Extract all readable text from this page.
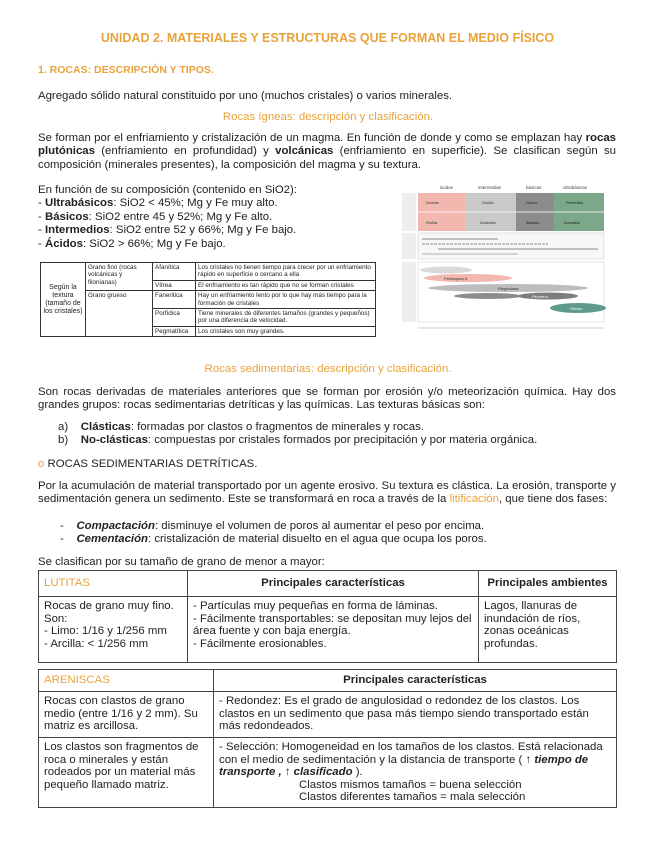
UNIDAD 2. MATERIALES Y ESTRUCTURAS QUE FORMAN EL MEDIO FÍSICO
1. ROCAS: DESCRIPCIÓN Y TIPOS.

Agregado sólido natural constituido por uno (muchos cristales) o varios minerales.

Rocas ígneas: descripción y clasificación.

Se forman por el enfriamiento y cristalización de un magma. En función de donde y como se emplazan hay rocas plutónicas (enfriamiento en profundidad) y volcánicas (enfriamiento en superficie). Se clasifican según su composición (minerales presentes), la composición del magma y su textura.

En función de su composición (contenido en SiO2):

- Ultrabásicos: SiO2 < 45%; Mg y Fe muy alto.

- Básicos: SiO2 entre 45 y 52%; Mg y Fe alto.

- Intermedios: SiO2 entre 52 y 66%; Mg y Fe bajo.

- Ácidos: SiO2 > 66%; Mg y Fe bajo.

Según la textura (tamaño de los cristales)	Grano fino (rocas volcánicas y filonianas)	Afanítica	Los cristales no tienen tiempo para crecer por un enfriamiento rápido en superficie o cercano a ella
		Vítrea	El enfriamiento es tan rápido que no se forman cristales
	Grano grueso	Faneritica	Hay un enfriamiento lento por lo que hay más tiempo para la formación de cristales
		Porfídica	Tiene minerales de diferentes tamaños (grandes y pequeños) por una diferencia de velocidad.
		Pegmatítica	Los cristales son muy grandes.
ácidas	intermedias	básicas	ultrabásicas
Granito	Diorita	Gabro	Peridotita
Riolita	Andesita	Basalto	Komatita
Feldespato K
Plagioclasa
Piroxeno
Olivino

Rocas sedimentarias: descripción y clasificación.

Son rocas derivadas de materiales anteriores que se forman por erosión y/o meteorización química. Hay dos grandes grupos: rocas sedimentarias detríticas y las químicas. Las texturas básicas son:

a)    Clásticas: formadas por clastos o fragmentos de minerales y rocas.

b)    No-clásticas: compuestas por cristales formados por precipitación y por materia orgánica.

o ROCAS SEDIMENTARIAS DETRÍTICAS.

Por la acumulación de material transportado por un agente erosivo. Su textura es clástica. La erosión, transporte y sedimentación genera un sedimento. Este se transformará en roca a través de la litificación, que tiene dos fases:

-    Compactación: disminuye el volumen de poros al aumentar el peso por encima.

-    Cementación: cristalización de material disuelto en el agua que ocupa los poros.

Se clasifican por su tamaño de grano de menor a mayor:

LUTITAS	Principales características	Principales ambientes
Rocas de grano muy fino. Son:
- Limo: 1/16 y 1/256 mm
- Arcilla: < 1/256 mm	- Partículas muy pequeñas en forma de láminas.
- Fácilmente transportables: se depositan muy lejos del área fuente y con baja energía.
- Fácilmente erosionables.	Lagos, llanuras de inundación de ríos, zonas oceánicas profundas.
ARENISCAS	Principales características
Rocas con clastos de grano medio (entre 1/16 y 2 mm). Su matriz es arcillosa.	- Redondez: Es el grado de angulosidad o redondez de los clastos. Los clastos en un sedimento que pasa más tiempo siendo transportado están más redondeados.
Los clastos son fragmentos de roca o minerales y están rodeados por un material más pequeño llamado matriz.	- Selección: Homogeneidad en los tamaños de los clastos. Está relacionada con el medio de sedimentación y la distancia de transporte ( ↑ tiempo de transporte , ↑ clasificado ).

Clastos mismos tamaños = buena selección
Clastos diferentes tamaños = mala selección
